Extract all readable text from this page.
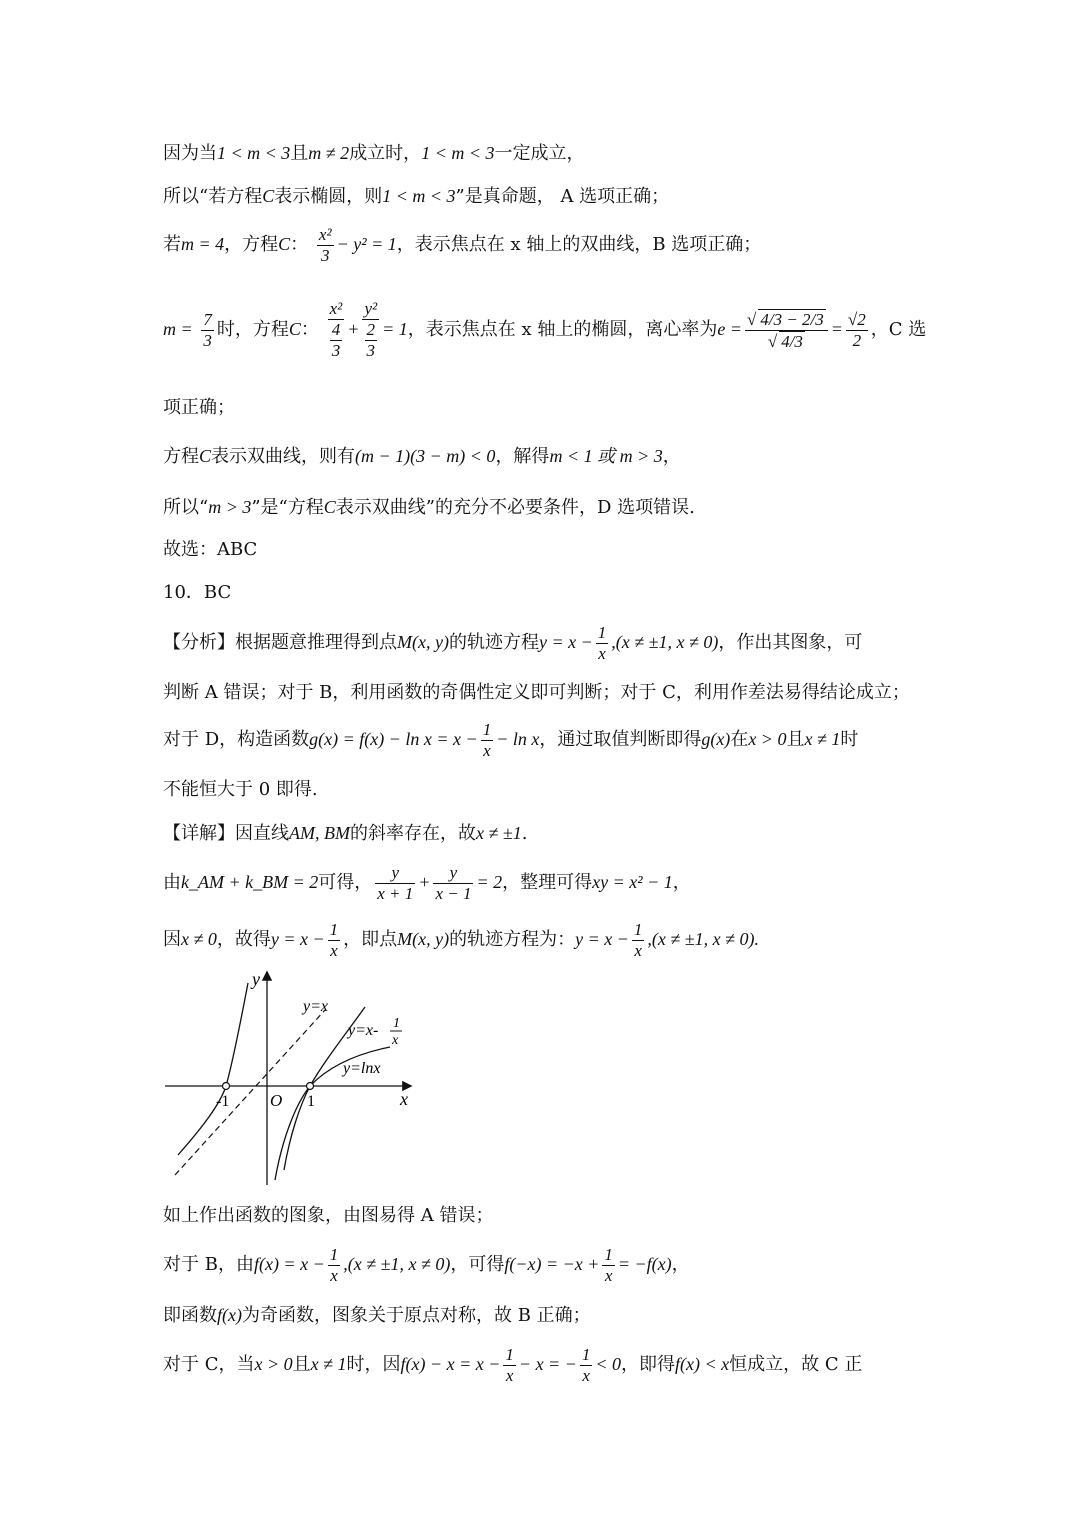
因为当1 < m < 3且m ≠ 2成立时，1 < m < 3一定成立，
所以“若方程C表示椭圆，则1 < m < 3”是真命题， A 选项正确；
若m = 4，方程C： $\frac{\text{x²}}{3} - y^2 = 1$，表示焦点在 x 轴上的双曲线，B 选项正确；
$m = \frac{7}{3}$ 时，方程C： $\frac{\text{x²}}{\frac{4}{3}} + \frac{\text{y²}}{\frac{2}{3}} = 1$，表示焦点在 x 轴上的椭圆，离心率为$e = \frac{√ 4/3 - 2/3}{√ 4/3} = \frac{√2}{2}$ ，C 选
项正确；
方程C表示双曲线，则有(m − 1)(3 − m) < 0，解得m < 1 或 m > 3，
所以“m > 3”是“方程C表示双曲线”的充分不必要条件，D 选项错误.
故选：ABC
10．BC
【分析】根据题意推理得到点M(x, y)的轨迹方程$y = x - \frac{1}{x} ,(x \ne \pm 1$, x ≠ 0)，作出其图象，可
判断 A 错误；对于 B，利用函数的奇偶性定义即可判断；对于 C，利用作差法易得结论成立；
对于 D，构造函数$g(x) = f(x) - \ln x = x - \frac{1}{x} - \ln x$，通过取值判断即得g(x)在x > 0且x ≠ 1时
不能恒大于 0 即得.
【详解】因直线AM, BM的斜率存在，故x ≠ ±1.
由k_AM + k_BM = 2可得， $\frac{y}{x + 1} + \frac{y}{x - 1} = 2$，整理可得xy = x² − 1，
因x ≠ 0，故得$y = x - \frac{1}{x}$ ，即点M(x, y)的轨迹方程为：$y = x - \frac{1}{x} ,(x \ne \pm 1$, x ≠ 0).
y
x
y=x
y=x- 1
x
y=lnx
-1 O 1
如上作出函数的图象，由图易得 A 错误；
对于 B，由$f(x) = x - \frac{1}{x} ,(x \ne \pm 1$, x ≠ 0)，可得$f(-x) = -x + \frac{1}{x} = -f(x)$，
即函数f(x)为奇函数，图象关于原点对称，故 B 正确；
对于 C，当x > 0且x ≠ 1时，因$f(x) - x = x - \frac{1}{x} - x$ = − $\frac{1}{x} < 0$，即得f(x) < x恒成立，故 C 正
